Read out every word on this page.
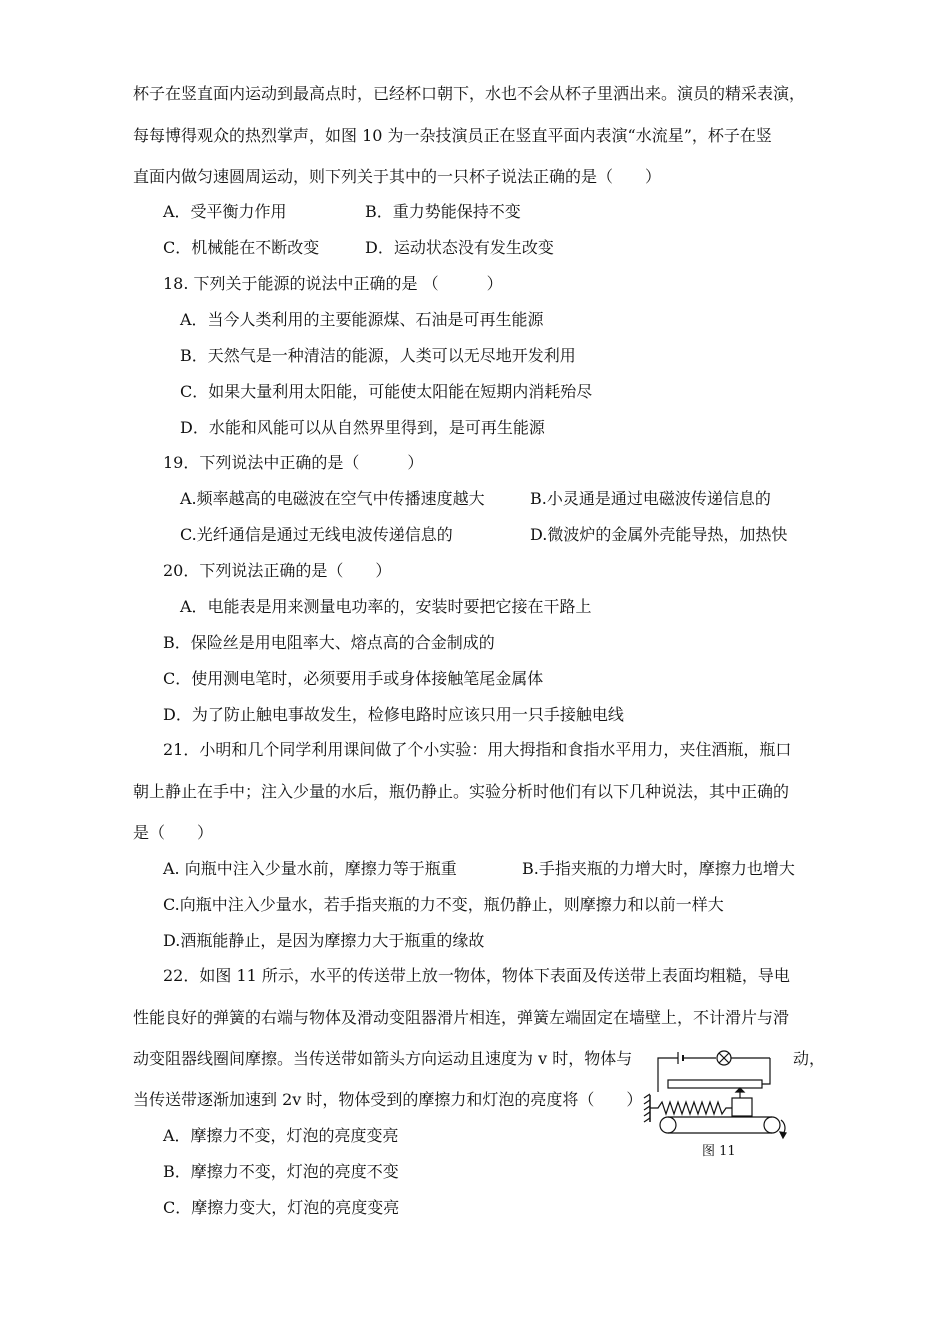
杯子在竖直面内运动到最高点时，已经杯口朝下，水也不会从杯子里洒出来。演员的精采表演，
每每博得观众的热烈掌声，如图 10 为一杂技演员正在竖直平面内表演“水流星”，杯子在竖
直面内做匀速圆周运动，则下列关于其中的一只杯子说法正确的是（　　）
A．受平衡力作用	B．重力势能保持不变
C．机械能在不断改变	D．运动状态没有发生改变
18. 下列关于能源的说法中正确的是 （　　　）
A．当今人类利用的主要能源煤、石油是可再生能源
B．天然气是一种清洁的能源，人类可以无尽地开发利用
C．如果大量利用太阳能，可能使太阳能在短期内消耗殆尽
D．水能和风能可以从自然界里得到，是可再生能源
19．下列说法中正确的是（　　　）
A.频率越高的电磁波在空气中传播速度越大	B.小灵通是通过电磁波传递信息的
C.光纤通信是通过无线电波传递信息的	D.微波炉的金属外壳能导热，加热快
20．下列说法正确的是（　　）
A．电能表是用来测量电功率的，安装时要把它接在干路上
B．保险丝是用电阻率大、熔点高的合金制成的
C．使用测电笔时，必须要用手或身体接触笔尾金属体
D．为了防止触电事故发生，检修电路时应该只用一只手接触电线
21．小明和几个同学利用课间做了个小实验：用大拇指和食指水平用力，夹住酒瓶，瓶口
朝上静止在手中；注入少量的水后，瓶仍静止。实验分析时他们有以下几种说法，其中正确的
是（　　）
A. 向瓶中注入少量水前，摩擦力等于瓶重	B.手指夹瓶的力增大时，摩擦力也增大
C.向瓶中注入少量水，若手指夹瓶的力不变，瓶仍静止，则摩擦力和以前一样大
D.酒瓶能静止，是因为摩擦力大于瓶重的缘故
22．如图 11 所示，水平的传送带上放一物体，物体下表面及传送带上表面均粗糙，导电
性能良好的弹簧的右端与物体及滑动变阻器滑片相连，弹簧左端固定在墙壁上，不计滑片与滑
动变阻器线圈间摩擦。当传送带如箭头方向运动且速度为 v 时，物体与	动，
当传送带逐渐加速到 2v 时，物体受到的摩擦力和灯泡的亮度将（　　）
A．摩擦力不变，灯泡的亮度变亮
B．摩擦力不变，灯泡的亮度不变
C．摩擦力变大，灯泡的亮度变亮
图 11
